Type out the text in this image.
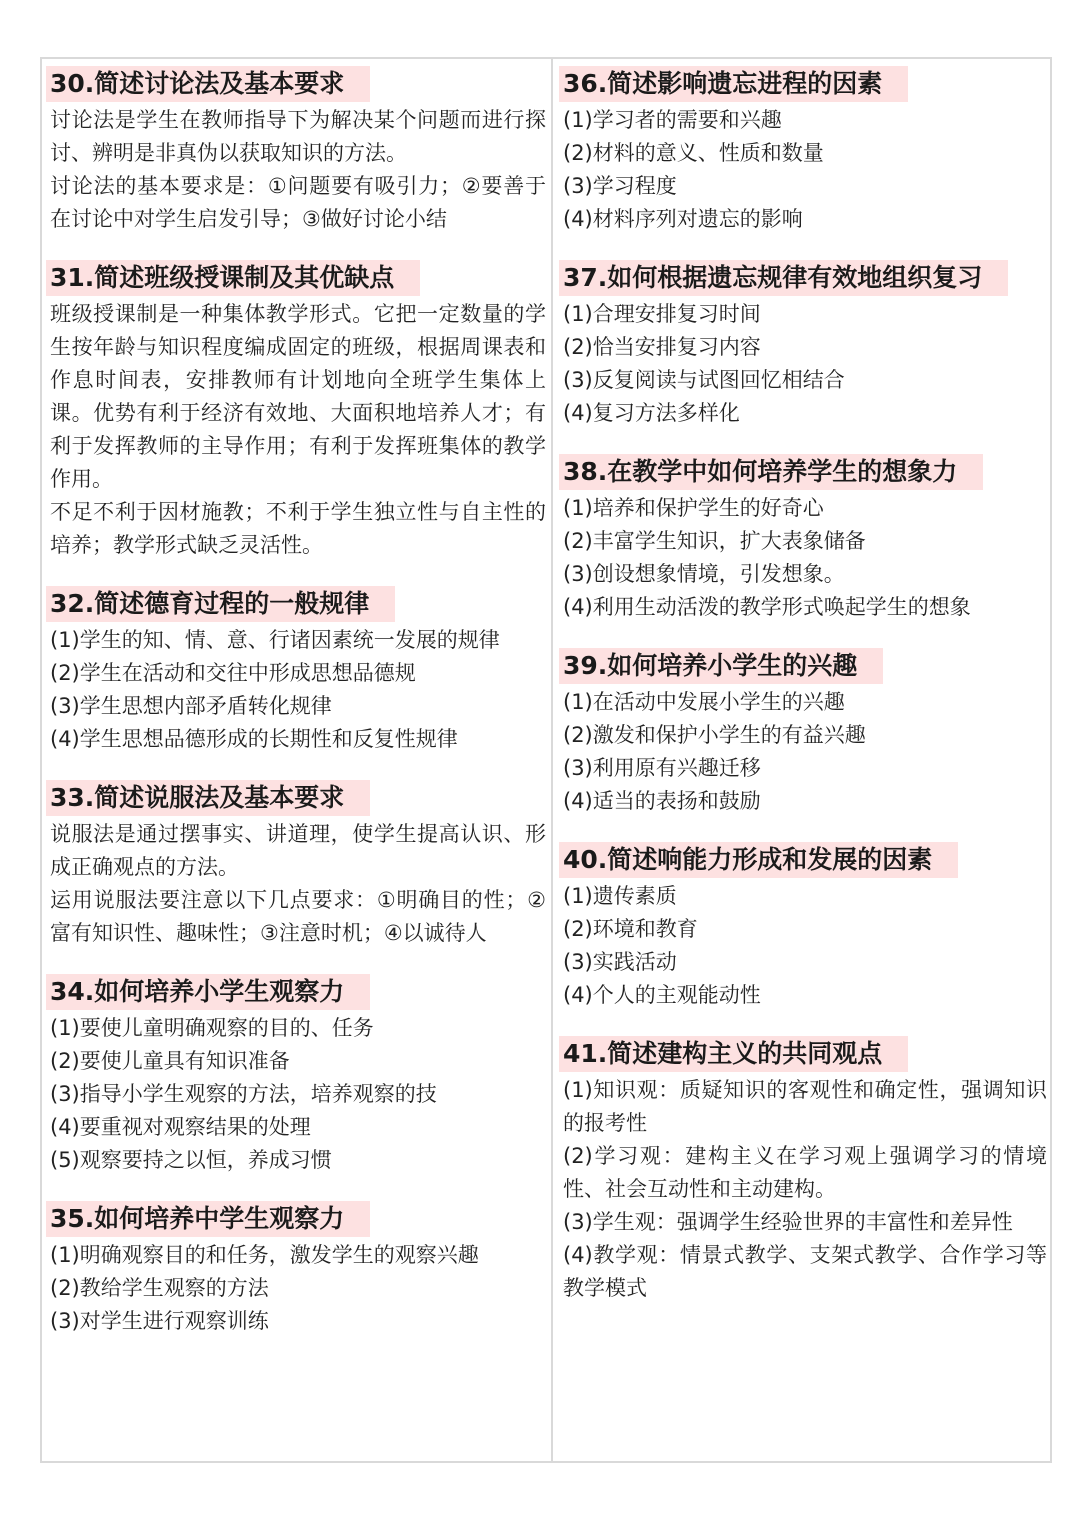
30.简述讨论法及基本要求

讨论法是学生在教师指导下为解决某个问题而进行探讨、辨明是非真伪以获取知识的方法。

讨论法的基本要求是：①问题要有吸引力；②要善于在讨论中对学生启发引导；③做好讨论小结

31.简述班级授课制及其优缺点

班级授课制是一种集体教学形式。它把一定数量的学生按年龄与知识程度编成固定的班级，根据周课表和作息时间表，安排教师有计划地向全班学生集体上课。优势有利于经济有效地、大面积地培养人才；有利于发挥教师的主导作用；有利于发挥班集体的教学作用。

不足不利于因材施教；不利于学生独立性与自主性的培养；教学形式缺乏灵活性。

32.简述德育过程的一般规律

(1)学生的知、情、意、行诸因素统一发展的规律

(2)学生在活动和交往中形成思想品德规

(3)学生思想内部矛盾转化规律

(4)学生思想品德形成的长期性和反复性规律

33.简述说服法及基本要求

说服法是通过摆事实、讲道理，使学生提高认识、形成正确观点的方法。

运用说服法要注意以下几点要求：①明确目的性；②富有知识性、趣味性；③注意时机；④以诚待人

34.如何培养小学生观察力

(1)要使儿童明确观察的目的、任务

(2)要使儿童具有知识准备

(3)指导小学生观察的方法，培养观察的技

(4)要重视对观察结果的处理

(5)观察要持之以恒，养成习惯

35.如何培养中学生观察力

(1)明确观察目的和任务，激发学生的观察兴趣

(2)教给学生观察的方法

(3)对学生进行观察训练

36.简述影响遗忘进程的因素

(1)学习者的需要和兴趣

(2)材料的意义、性质和数量

(3)学习程度

(4)材料序列对遗忘的影响

37.如何根据遗忘规律有效地组织复习

(1)合理安排复习时间

(2)恰当安排复习内容

(3)反复阅读与试图回忆相结合

(4)复习方法多样化

38.在教学中如何培养学生的想象力

(1)培养和保护学生的好奇心

(2)丰富学生知识，扩大表象储备

(3)创设想象情境，引发想象。

(4)利用生动活泼的教学形式唤起学生的想象

39.如何培养小学生的兴趣

(1)在活动中发展小学生的兴趣

(2)激发和保护小学生的有益兴趣

(3)利用原有兴趣迁移

(4)适当的表扬和鼓励

40.简述响能力形成和发展的因素

(1)遗传素质

(2)环境和教育

(3)实践活动

(4)个人的主观能动性

41.简述建构主义的共同观点

(1)知识观：质疑知识的客观性和确定性，强调知识的报考性

(2)学习观：建构主义在学习观上强调学习的情境性、社会互动性和主动建构。

(3)学生观：强调学生经验世界的丰富性和差异性

(4)教学观：情景式教学、支架式教学、合作学习等教学模式
